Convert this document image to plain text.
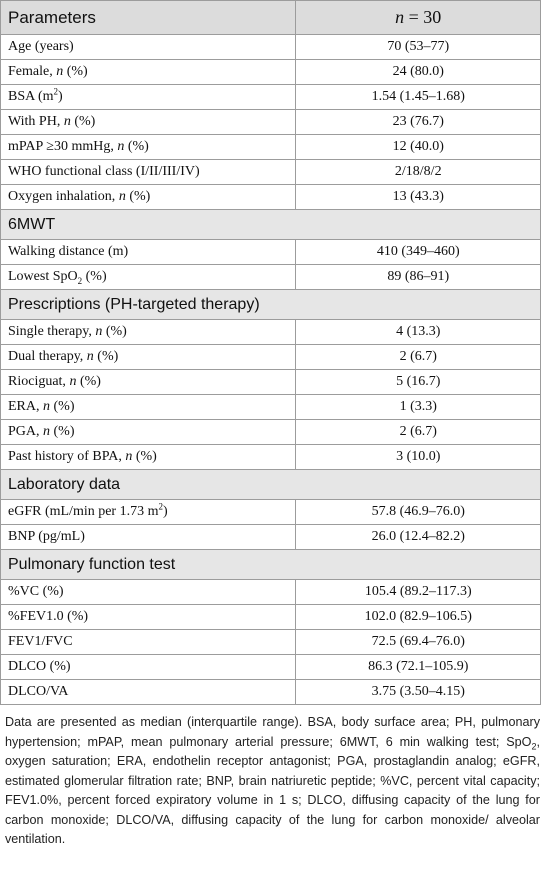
Parameters	n = 30
Age (years)	70 (53–77)
Female, n (%)	24 (80.0)
BSA $(m^2)$	1.54 (1.45–1.68)
With PH, n (%)	23 (76.7)
mPAP ≥30 mmHg, n (%)	12 (40.0)
WHO functional class (I/II/III/IV)	2/18/8/2
Oxygen inhalation, n (%)	13 (43.3)
6MWT	
Walking distance (m)	410 (349–460)
Lowest SpO$_2$ (%)	89 (86–91)
Prescriptions (PH-targeted therapy)	
Single therapy, n (%)	4 (13.3)
Dual therapy, n (%)	2 (6.7)
Riociguat, n (%)	5 (16.7)
ERA, n (%)	1 (3.3)
PGA, n (%)	2 (6.7)
Past history of BPA, n (%)	3 (10.0)
Laboratory data	
eGFR (mL/min per 1.73 $m^2$)	57.8 (46.9–76.0)
BNP (pg/mL)	26.0 (12.4–82.2)
Pulmonary function test	
%VC (%)	105.4 (89.2–117.3)
%FEV1.0 (%)	102.0 (82.9–106.5)
FEV1/FVC	72.5 (69.4–76.0)
DLCO (%)	86.3 (72.1–105.9)
DLCO/VA	3.75 (3.50–4.15)
Data are presented as median (interquartile range). BSA, body surface area; PH, pulmonary hypertension; mPAP, mean pulmonary arterial pressure; 6MWT, 6 min walking test; SpO$_2$, oxygen saturation; ERA, endothelin receptor antagonist; PGA, prostaglandin analog; eGFR, estimated glomerular filtration rate; BNP, brain natriuretic peptide; %VC, percent vital capacity; FEV1.0%, percent forced expiratory volume in 1 s; DLCO, diffusing capacity of the lung for carbon monoxide; DLCO/VA, diffusing capacity of the lung for carbon monoxide/ alveolar ventilation.
